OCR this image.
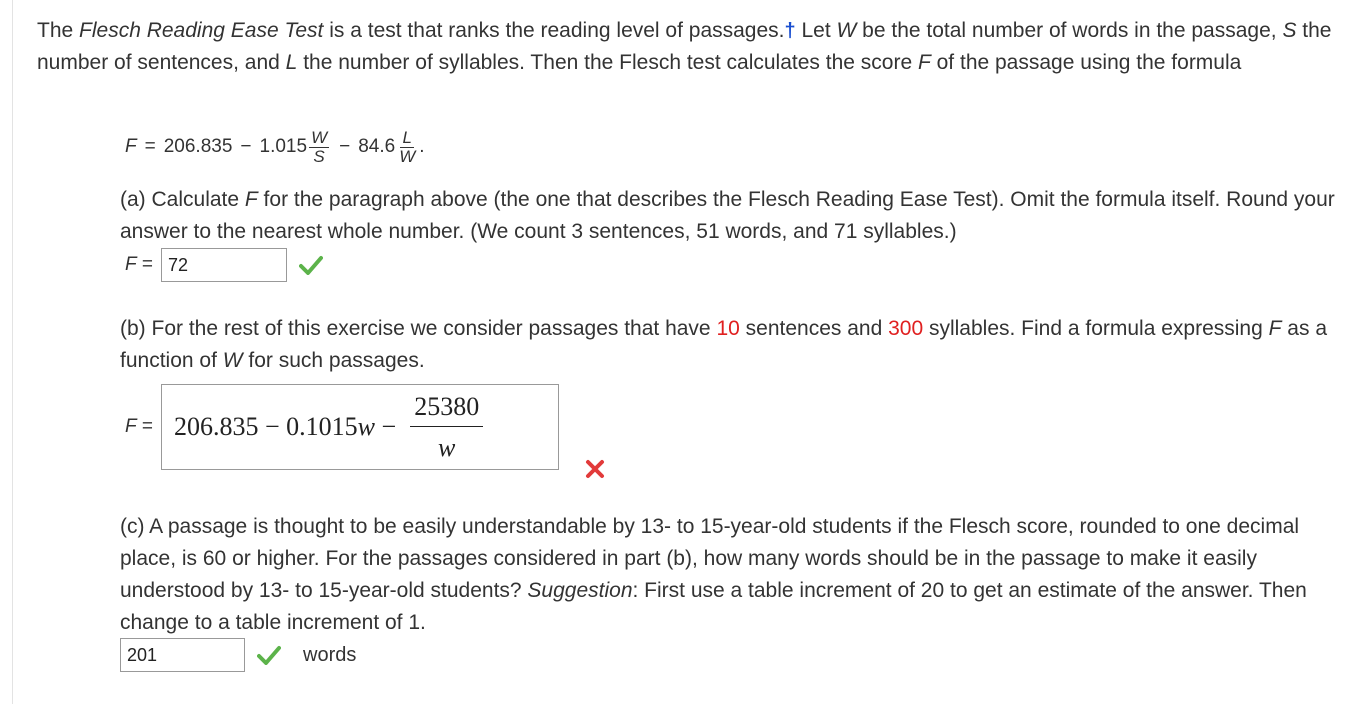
The Flesch Reading Ease Test is a test that ranks the reading level of passages.† Let W be the total number of words in the passage, S the number of sentences, and L the number of syllables. Then the Flesch test calculates the score F of the passage using the formula

$F = 206.835 - 1.015 \frac{W}{S} - 84.6 \frac{L}{W}$ .

(a) Calculate F for the paragraph above (the one that describes the Flesch Reading Ease Test). Omit the formula itself. Round your answer to the nearest whole number. (We count 3 sentences, 51 words, and 71 syllables.)

F = 72

(b) For the rest of this exercise we consider passages that have 10 sentences and 300 syllables. Find a formula expressing F as a function of W for such passages.

$F = 206.835 - 0.1015w - \frac{25380}{w}$

(c) A passage is thought to be easily understandable by 13- to 15-year-old students if the Flesch score, rounded to one decimal place, is 60 or higher. For the passages considered in part (b), how many words should be in the passage to make it easily understood by 13- to 15-year-old students? Suggestion: First use a table increment of 20 to get an estimate of the answer. Then change to a table increment of 1.

201	words
